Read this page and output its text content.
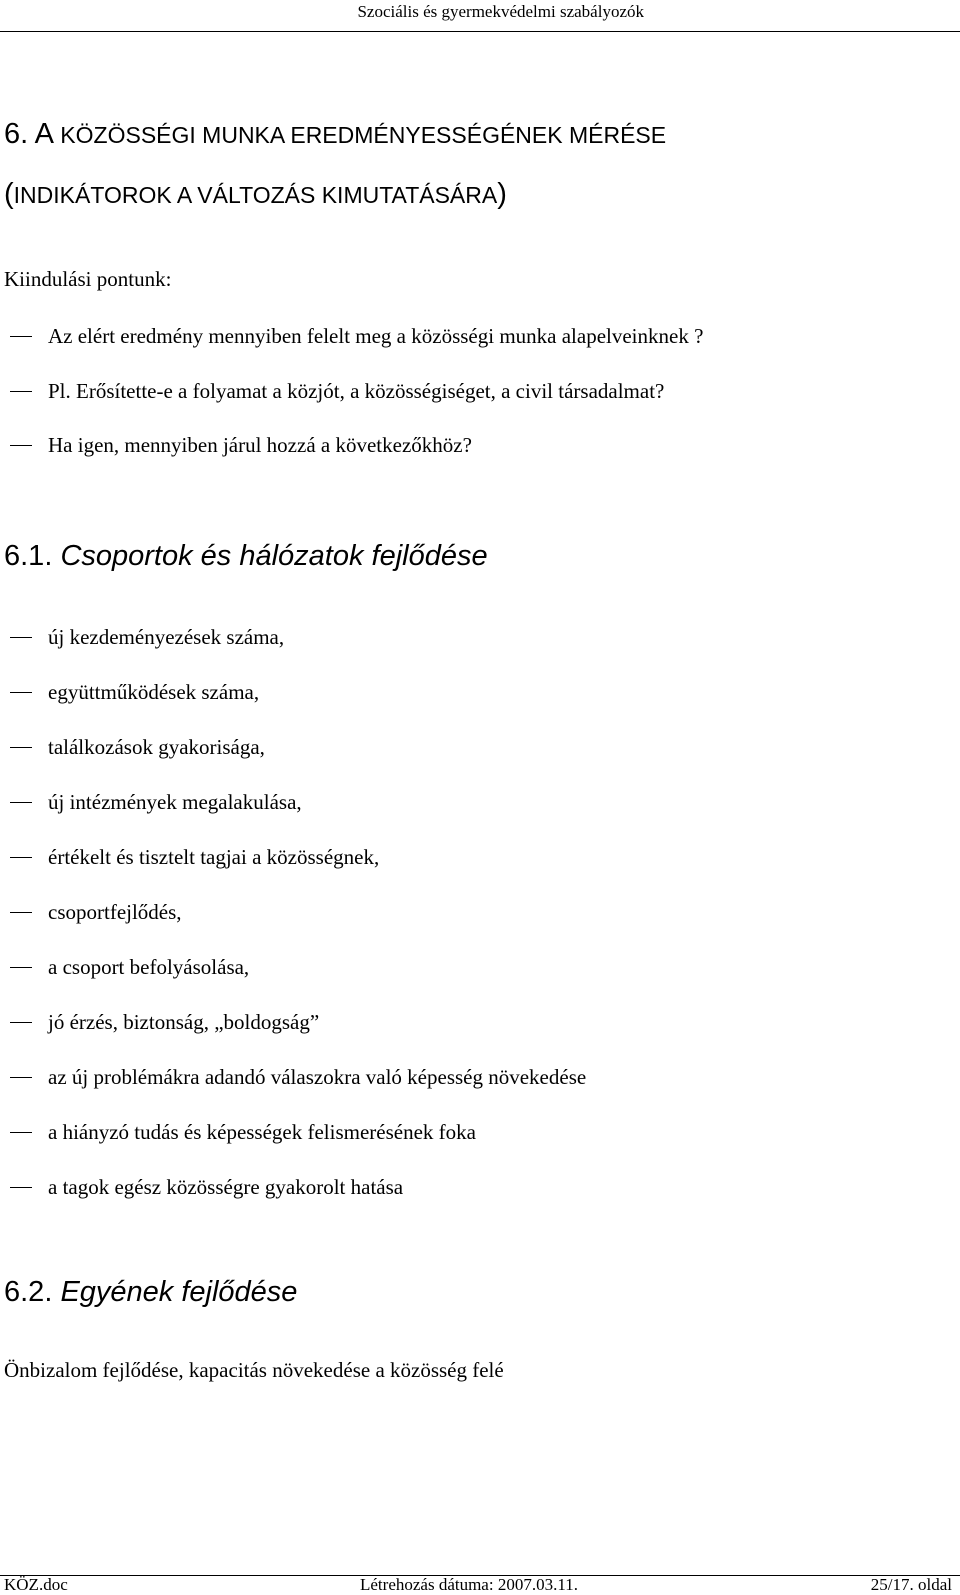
Szociális és gyermekvédelmi szabályozók
6. A KÖZÖSSÉGI MUNKA EREDMÉNYESSÉGÉNEK MÉRÉSE
(INDIKÁTOROK A VÁLTOZÁS KIMUTATÁSÁRA)
Kiindulási pontunk:
Az elért eredmény mennyiben felelt meg a közösségi munka alapelveinknek ?
Pl. Erősítette-e a folyamat a közjót, a közösségiséget, a civil társadalmat?
Ha igen, mennyiben járul hozzá a következőkhöz?
6.1. Csoportok és hálózatok fejlődése
új kezdeményezések száma,
együttműködések száma,
találkozások gyakorisága,
új intézmények megalakulása,
értékelt és tisztelt tagjai a közösségnek,
csoportfejlődés,
a csoport befolyásolása,
jó érzés, biztonság, „boldogság”
az új problémákra adandó válaszokra való képesség növekedése
a hiányzó tudás és képességek felismerésének foka
a tagok egész közösségre gyakorolt hatása
6.2. Egyének fejlődése
Önbizalom fejlődése, kapacitás növekedése a közösség felé
KÖZ.doc	Létrehozás dátuma: 2007.03.11.	25/17. oldal
